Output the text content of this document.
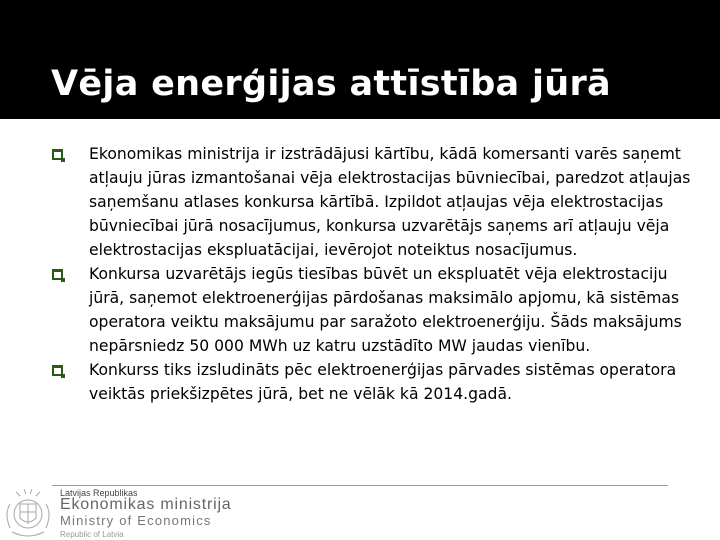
Vēja enerģijas attīstība jūrā
Ekonomikas ministrija ir izstrādājusi kārtību, kādā komersanti varēs saņemt atļauju jūras izmantošanai vēja elektrostacijas būvniecībai, paredzot atļaujas saņemšanu atlases konkursa kārtībā. Izpildot atļaujas vēja elektrostacijas būvniecībai jūrā nosacījumus, konkursa uzvarētājs saņems arī atļauju vēja elektrostacijas ekspluatācijai, ievērojot noteiktus nosacījumus.
Konkursa uzvarētājs iegūs tiesības būvēt un ekspluatēt vēja elektrostaciju jūrā, saņemot elektroenerģijas pārdošanas maksimālo apjomu, kā sistēmas operatora veiktu maksājumu par saražoto elektroenerģiju. Šāds maksājums nepārsniedz 50 000 MWh uz katru uzstādīto MW jaudas vienību.
Konkurss tiks izsludināts pēc elektroenerģijas pārvades sistēmas operatora veiktās priekšizpētes jūrā, bet ne vēlāk kā 2014.gadā.
Latvijas Republikas
Ekonomikas ministrija
Ministry of Economics
Republic of Latvia
